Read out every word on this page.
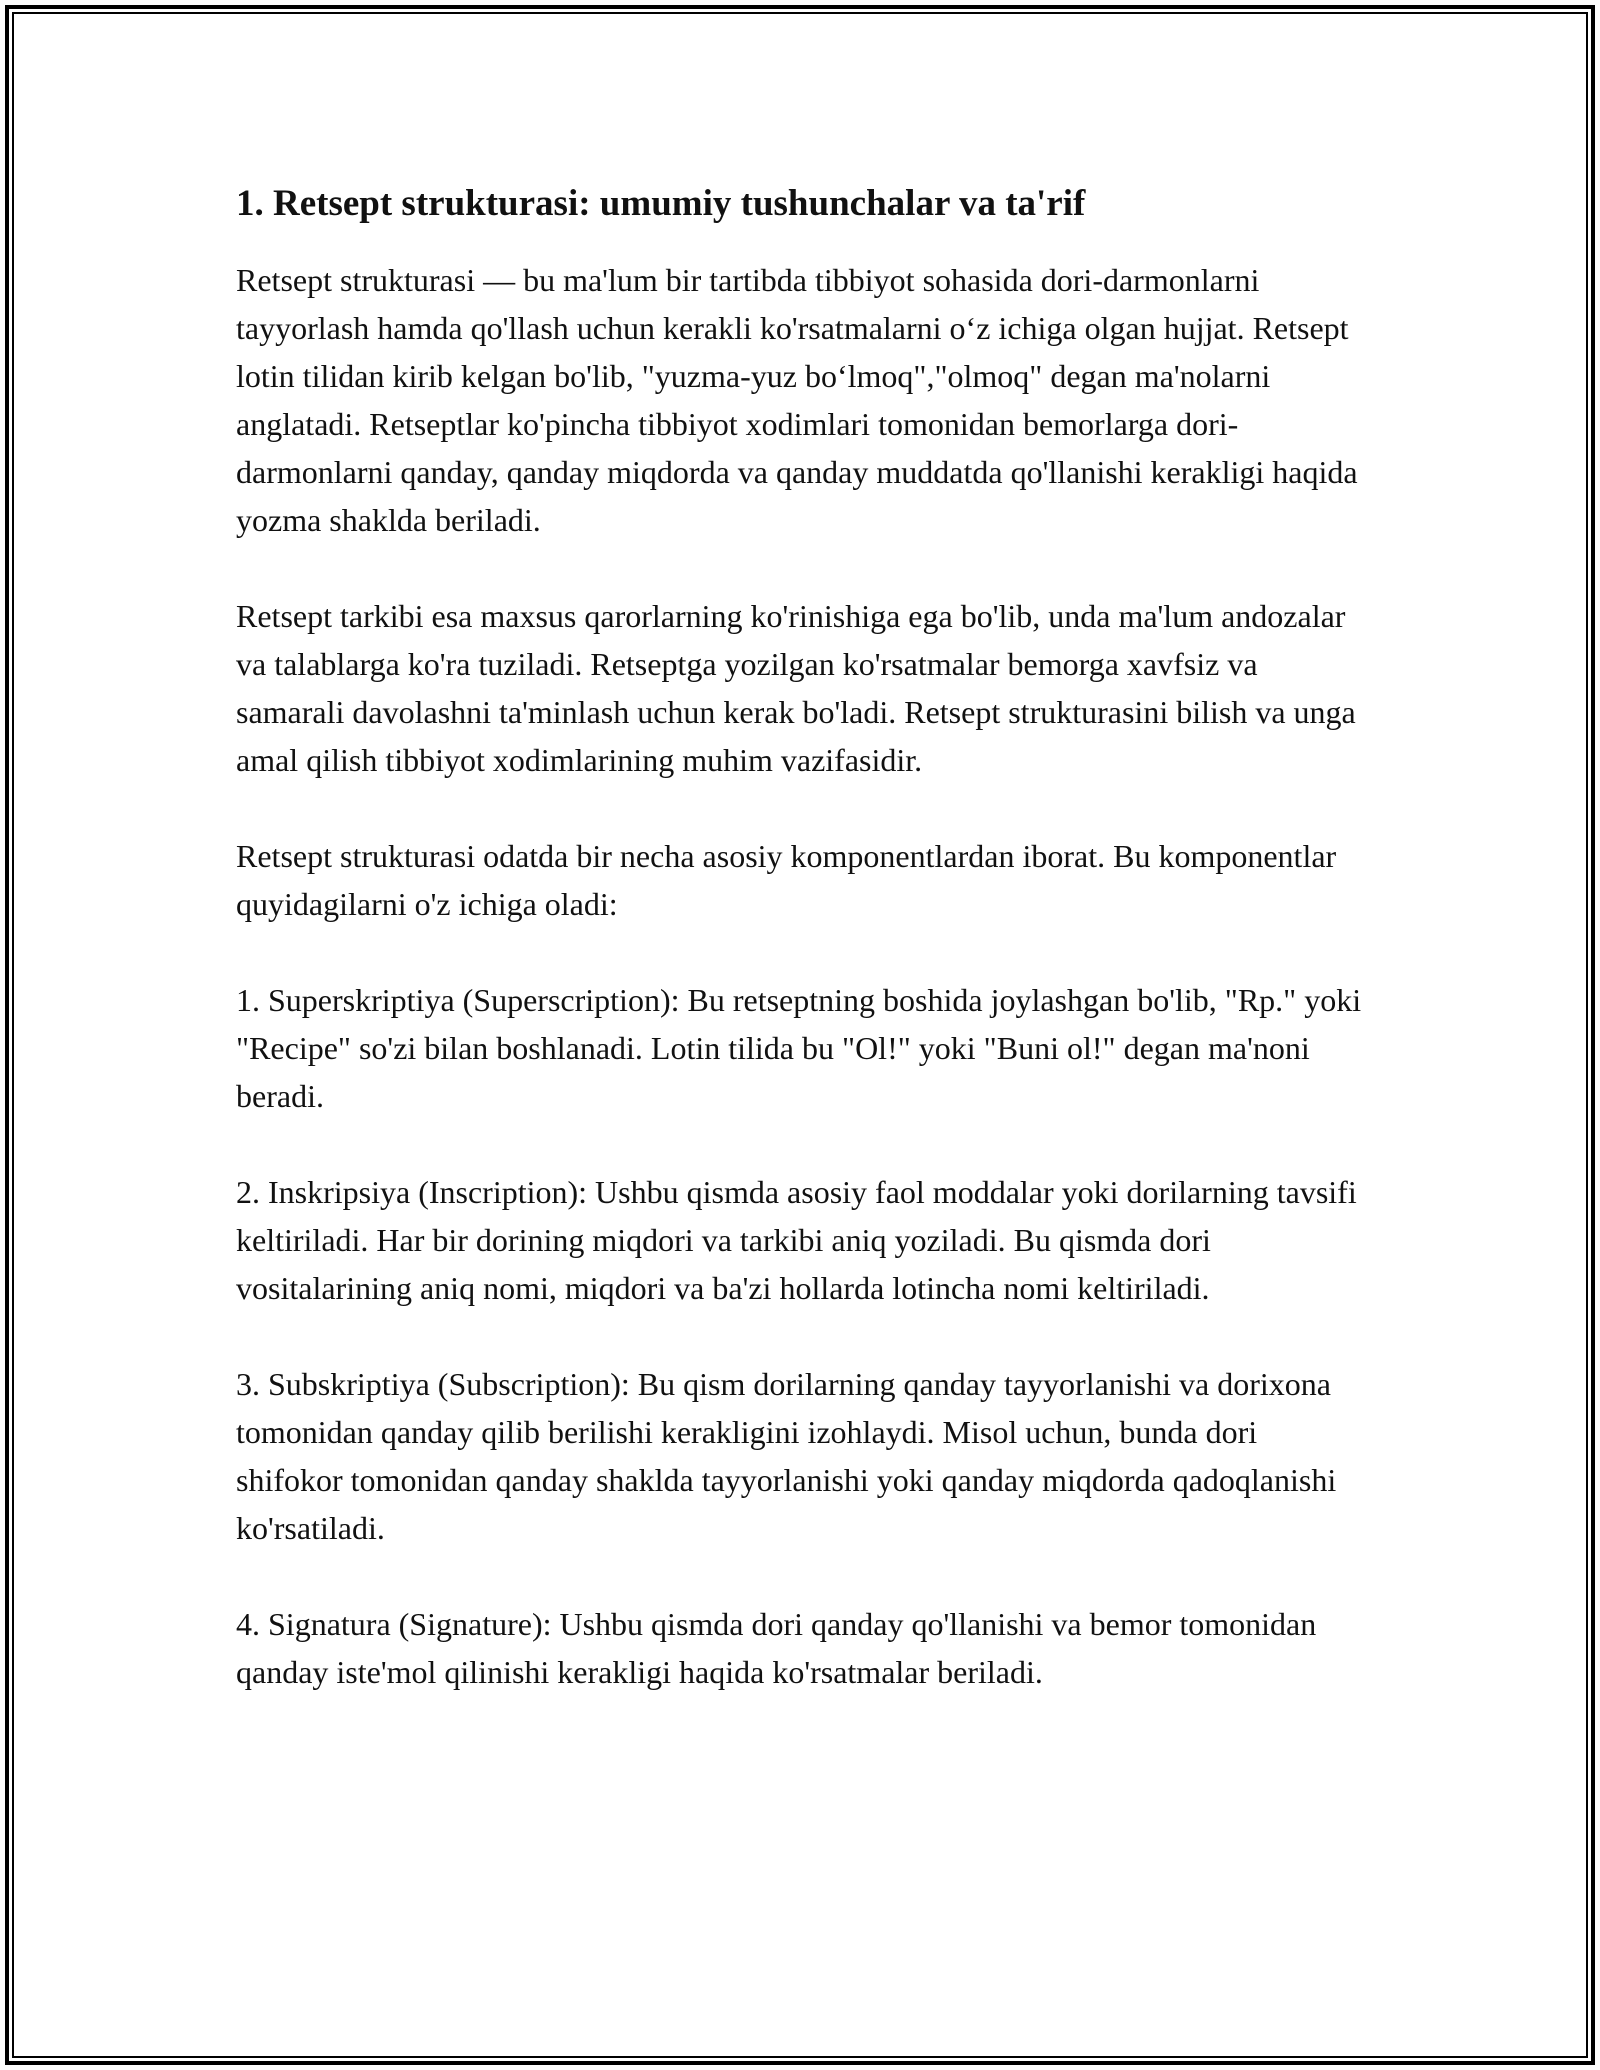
1. Retsept strukturasi: umumiy tushunchalar va ta'rif

Retsept strukturasi — bu ma'lum bir tartibda tibbiyot sohasida dori-darmonlarni tayyorlash hamda qo'llash uchun kerakli ko'rsatmalarni o‘z ichiga olgan hujjat. Retsept lotin tilidan kirib kelgan bo'lib, "yuzma-yuz bo‘lmoq","olmoq" degan ma'nolarni anglatadi. Retseptlar ko'pincha tibbiyot xodimlari tomonidan bemorlarga dori-darmonlarni qanday, qanday miqdorda va qanday muddatda qo'llanishi kerakligi haqida yozma shaklda beriladi.

Retsept tarkibi esa maxsus qarorlarning ko'rinishiga ega bo'lib, unda ma'lum andozalar va talablarga ko'ra tuziladi. Retseptga yozilgan ko'rsatmalar bemorga xavfsiz va samarali davolashni ta'minlash uchun kerak bo'ladi. Retsept strukturasini bilish va unga amal qilish tibbiyot xodimlarining muhim vazifasidir.

Retsept strukturasi odatda bir necha asosiy komponentlardan iborat. Bu komponentlar quyidagilarni o'z ichiga oladi:

1. Superskriptiya (Superscription): Bu retseptning boshida joylashgan bo'lib, "Rp." yoki "Recipe" so'zi bilan boshlanadi. Lotin tilida bu "Ol!" yoki "Buni ol!" degan ma'noni beradi.

2. Inskripsiya (Inscription): Ushbu qismda asosiy faol moddalar yoki dorilarning tavsifi keltiriladi. Har bir dorining miqdori va tarkibi aniq yoziladi. Bu qismda dori vositalarining aniq nomi, miqdori va ba'zi hollarda lotincha nomi keltiriladi.

3. Subskriptiya (Subscription): Bu qism dorilarning qanday tayyorlanishi va dorixona tomonidan qanday qilib berilishi kerakligini izohlaydi. Misol uchun, bunda dori shifokor tomonidan qanday shaklda tayyorlanishi yoki qanday miqdorda qadoqlanishi ko'rsatiladi.

4. Signatura (Signature): Ushbu qismda dori qanday qo'llanishi va bemor tomonidan qanday iste'mol qilinishi kerakligi haqida ko'rsatmalar beriladi.
